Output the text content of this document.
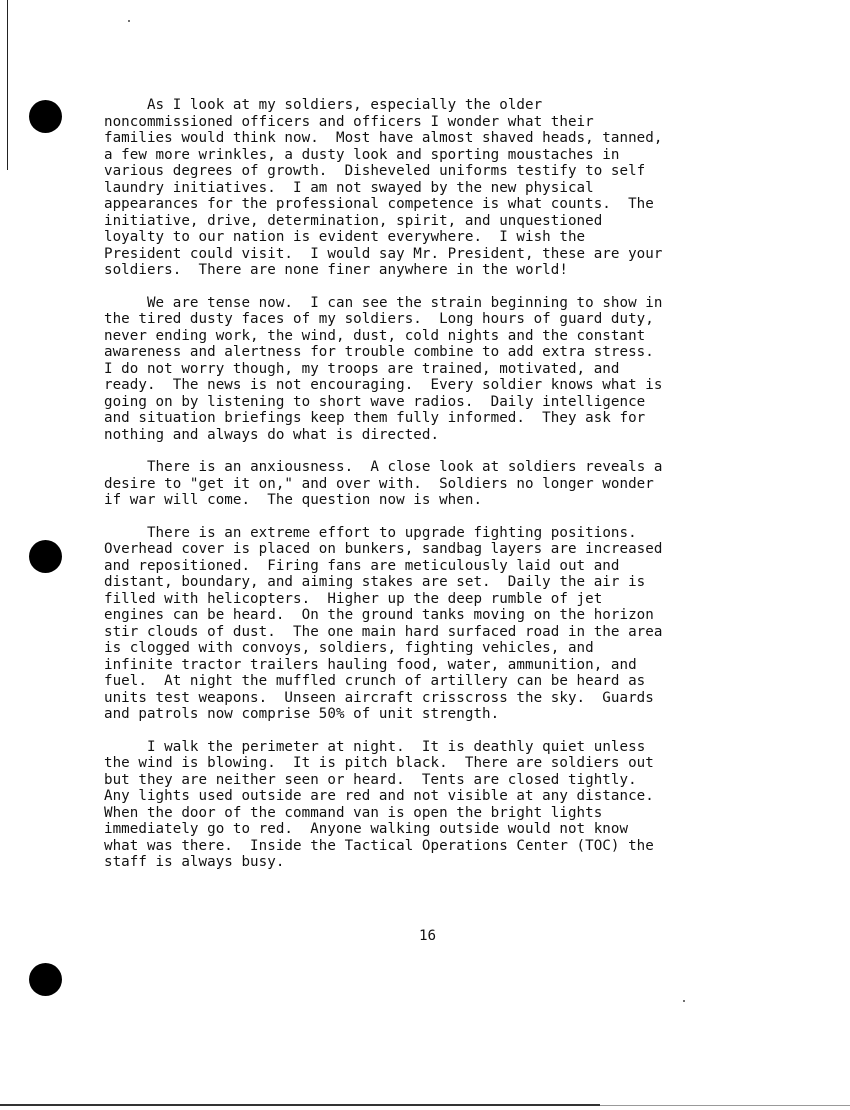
As I look at my soldiers, especially the older
noncommissioned officers and officers I wonder what their
families would think now.  Most have almost shaved heads, tanned,
a few more wrinkles, a dusty look and sporting moustaches in
various degrees of growth.  Disheveled uniforms testify to self
laundry initiatives.  I am not swayed by the new physical
appearances for the professional competence is what counts.  The
initiative, drive, determination, spirit, and unquestioned
loyalty to our nation is evident everywhere.  I wish the
President could visit.  I would say Mr. President, these are your
soldiers.  There are none finer anywhere in the world!

We are tense now.  I can see the strain beginning to show in
the tired dusty faces of my soldiers.  Long hours of guard duty,
never ending work, the wind, dust, cold nights and the constant
awareness and alertness for trouble combine to add extra stress.
I do not worry though, my troops are trained, motivated, and
ready.  The news is not encouraging.  Every soldier knows what is
going on by listening to short wave radios.  Daily intelligence
and situation briefings keep them fully informed.  They ask for
nothing and always do what is directed.

There is an anxiousness.  A close look at soldiers reveals a
desire to "get it on," and over with.  Soldiers no longer wonder
if war will come.  The question now is when.

There is an extreme effort to upgrade fighting positions.
Overhead cover is placed on bunkers, sandbag layers are increased
and repositioned.  Firing fans are meticulously laid out and
distant, boundary, and aiming stakes are set.  Daily the air is
filled with helicopters.  Higher up the deep rumble of jet
engines can be heard.  On the ground tanks moving on the horizon
stir clouds of dust.  The one main hard surfaced road in the area
is clogged with convoys, soldiers, fighting vehicles, and
infinite tractor trailers hauling food, water, ammunition, and
fuel.  At night the muffled crunch of artillery can be heard as
units test weapons.  Unseen aircraft crisscross the sky.  Guards
and patrols now comprise 50% of unit strength.

I walk the perimeter at night.  It is deathly quiet unless
the wind is blowing.  It is pitch black.  There are soldiers out
but they are neither seen or heard.  Tents are closed tightly.
Any lights used outside are red and not visible at any distance.
When the door of the command van is open the bright lights
immediately go to red.  Anyone walking outside would not know
what was there.  Inside the Tactical Operations Center (TOC) the
staff is always busy.

16
